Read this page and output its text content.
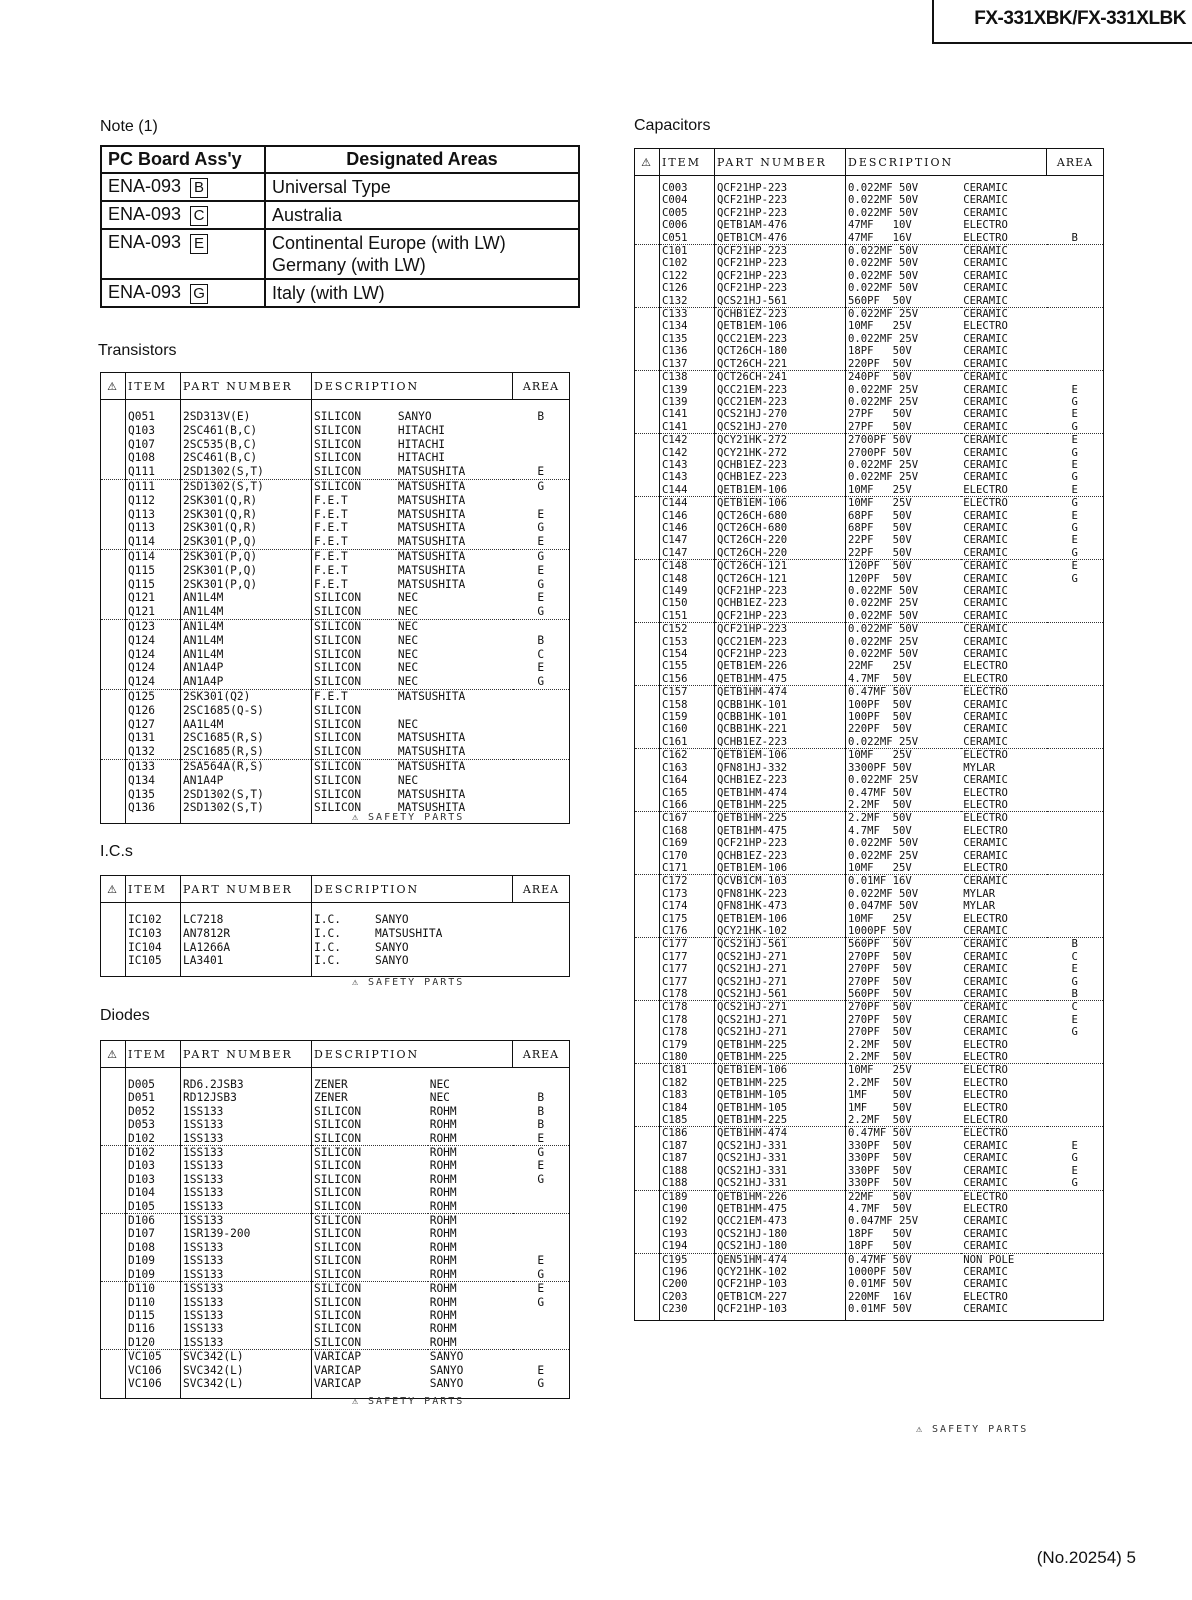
FX-331XBK/FX-331XLBK
Note (1)
PC Board Ass'y	Designated Areas
ENA-093 B	Universal Type

ENA-093 C	Australia

ENA-093 E	Continental Europe (with LW)
Germany (with LW)

ENA-093 G	Italy (with LW)
Transistors
⚠	ITEM	PART NUMBER	DESCRIPTION		AREA
	Q051	2SD313V(E)	SILICON	SANYO	B
	Q103	2SC461(B,C)	SILICON	HITACHI	
	Q107	2SC535(B,C)	SILICON	HITACHI	
	Q108	2SC461(B,C)	SILICON	HITACHI	
	Q111	2SD1302(S,T)	SILICON	MATSUSHITA	E
	Q111	2SD1302(S,T)	SILICON	MATSUSHITA	G
	Q112	2SK301(Q,R)	F.E.T	MATSUSHITA	
	Q113	2SK301(Q,R)	F.E.T	MATSUSHITA	E
	Q113	2SK301(Q,R)	F.E.T	MATSUSHITA	G
	Q114	2SK301(P,Q)	F.E.T	MATSUSHITA	E
	Q114	2SK301(P,Q)	F.E.T	MATSUSHITA	G
	Q115	2SK301(P,Q)	F.E.T	MATSUSHITA	E
	Q115	2SK301(P,Q)	F.E.T	MATSUSHITA	G
	Q121	AN1L4M	SILICON	NEC	E
	Q121	AN1L4M	SILICON	NEC	G
	Q123	AN1L4M	SILICON	NEC	
	Q124	AN1L4M	SILICON	NEC	B
	Q124	AN1L4M	SILICON	NEC	C
	Q124	AN1A4P	SILICON	NEC	E
	Q124	AN1A4P	SILICON	NEC	G
	Q125	2SK301(Q2)	F.E.T	MATSUSHITA	
	Q126	2SC1685(Q-S)	SILICON		
	Q127	AA1L4M	SILICON	NEC	
	Q131	2SC1685(R,S)	SILICON	MATSUSHITA	
	Q132	2SC1685(R,S)	SILICON	MATSUSHITA	
	Q133	2SA564A(R,S)	SILICON	MATSUSHITA	
	Q134	AN1A4P	SILICON	NEC	
	Q135	2SD1302(S,T)	SILICON	MATSUSHITA	
	Q136	2SD1302(S,T)	SILICON	MATSUSHITA	
⚠ SAFETY PARTS
I.C.s
⚠	ITEM	PART NUMBER	DESCRIPTION		AREA
	IC102	LC7218	I.C.	SANYO	
	IC103	AN7812R	I.C.	MATSUSHITA	
	IC104	LA1266A	I.C.	SANYO	
	IC105	LA3401	I.C.	SANYO	
⚠ SAFETY PARTS
Diodes
⚠	ITEM	PART NUMBER	DESCRIPTION		AREA
	D005	RD6.2JSB3	ZENER	NEC	
	D051	RD12JSB3	ZENER	NEC	B
	D052	1SS133	SILICON	ROHM	B
	D053	1SS133	SILICON	ROHM	B
	D102	1SS133	SILICON	ROHM	E
	D102	1SS133	SILICON	ROHM	G
	D103	1SS133	SILICON	ROHM	E
	D103	1SS133	SILICON	ROHM	G
	D104	1SS133	SILICON	ROHM	
	D105	1SS133	SILICON	ROHM	
	D106	1SS133	SILICON	ROHM	
	D107	1SR139-200	SILICON	ROHM	
	D108	1SS133	SILICON	ROHM	
	D109	1SS133	SILICON	ROHM	E
	D109	1SS133	SILICON	ROHM	G
	D110	1SS133	SILICON	ROHM	E
	D110	1SS133	SILICON	ROHM	G
	D115	1SS133	SILICON	ROHM	
	D116	1SS133	SILICON	ROHM	
	D120	1SS133	SILICON	ROHM	
	VC105	SVC342(L)	VARICAP	SANYO	
	VC106	SVC342(L)	VARICAP	SANYO	E
	VC106	SVC342(L)	VARICAP	SANYO	G
⚠ SAFETY PARTS
Capacitors
⚠	ITEM	PART NUMBER	DESCRIPTION		AREA
	C003	QCF21HP-223	0.022MF 50V	CERAMIC	
	C004	QCF21HP-223	0.022MF 50V	CERAMIC	
	C005	QCF21HP-223	0.022MF 50V	CERAMIC	
	C006	QETB1AM-476	47MF   10V	ELECTRO	
	C051	QETB1CM-476	47MF   16V	ELECTRO	B
	C101	QCF21HP-223	0.022MF 50V	CERAMIC	
	C102	QCF21HP-223	0.022MF 50V	CERAMIC	
	C122	QCF21HP-223	0.022MF 50V	CERAMIC	
	C126	QCF21HP-223	0.022MF 50V	CERAMIC	
	C132	QCS21HJ-561	560PF  50V	CERAMIC	
	C133	QCHB1EZ-223	0.022MF 25V	CERAMIC	
	C134	QETB1EM-106	10MF   25V	ELECTRO	
	C135	QCC21EM-223	0.022MF 25V	CERAMIC	
	C136	QCT26CH-180	18PF   50V	CERAMIC	
	C137	QCT26CH-221	220PF  50V	CERAMIC	
	C138	QCT26CH-241	240PF  50V	CERAMIC	
	C139	QCC21EM-223	0.022MF 25V	CERAMIC	E
	C139	QCC21EM-223	0.022MF 25V	CERAMIC	G
	C141	QCS21HJ-270	27PF   50V	CERAMIC	E
	C141	QCS21HJ-270	27PF   50V	CERAMIC	G
	C142	QCY21HK-272	2700PF 50V	CERAMIC	E
	C142	QCY21HK-272	2700PF 50V	CERAMIC	G
	C143	QCHB1EZ-223	0.022MF 25V	CERAMIC	E
	C143	QCHB1EZ-223	0.022MF 25V	CERAMIC	G
	C144	QETB1EM-106	10MF   25V	ELECTRO	E
	C144	QETB1EM-106	10MF   25V	ELECTRO	G
	C146	QCT26CH-680	68PF   50V	CERAMIC	E
	C146	QCT26CH-680	68PF   50V	CERAMIC	G
	C147	QCT26CH-220	22PF   50V	CERAMIC	E
	C147	QCT26CH-220	22PF   50V	CERAMIC	G
	C148	QCT26CH-121	120PF  50V	CERAMIC	E
	C148	QCT26CH-121	120PF  50V	CERAMIC	G
	C149	QCF21HP-223	0.022MF 50V	CERAMIC	
	C150	QCHB1EZ-223	0.022MF 25V	CERAMIC	
	C151	QCF21HP-223	0.022MF 50V	CERAMIC	
	C152	QCF21HP-223	0.022MF 50V	CERAMIC	
	C153	QCC21EM-223	0.022MF 25V	CERAMIC	
	C154	QCF21HP-223	0.022MF 50V	CERAMIC	
	C155	QETB1EM-226	22MF   25V	ELECTRO	
	C156	QETB1HM-475	4.7MF  50V	ELECTRO	
	C157	QETB1HM-474	0.47MF 50V	ELECTRO	
	C158	QCBB1HK-101	100PF  50V	CERAMIC	
	C159	QCBB1HK-101	100PF  50V	CERAMIC	
	C160	QCBB1HK-221	220PF  50V	CERAMIC	
	C161	QCHB1EZ-223	0.022MF 25V	CERAMIC	
	C162	QETB1EM-106	10MF   25V	ELECTRO	
	C163	QFN81HJ-332	3300PF 50V	MYLAR	
	C164	QCHB1EZ-223	0.022MF 25V	CERAMIC	
	C165	QETB1HM-474	0.47MF 50V	ELECTRO	
	C166	QETB1HM-225	2.2MF  50V	ELECTRO	
	C167	QETB1HM-225	2.2MF  50V	ELECTRO	
	C168	QETB1HM-475	4.7MF  50V	ELECTRO	
	C169	QCF21HP-223	0.022MF 50V	CERAMIC	
	C170	QCHB1EZ-223	0.022MF 25V	CERAMIC	
	C171	QETB1EM-106	10MF   25V	ELECTRO	
	C172	QCVB1CM-103	0.01MF 16V	CERAMIC	
	C173	QFN81HK-223	0.022MF 50V	MYLAR	
	C174	QFN81HK-473	0.047MF 50V	MYLAR	
	C175	QETB1EM-106	10MF   25V	ELECTRO	
	C176	QCY21HK-102	1000PF 50V	CERAMIC	
	C177	QCS21HJ-561	560PF  50V	CERAMIC	B
	C177	QCS21HJ-271	270PF  50V	CERAMIC	C
	C177	QCS21HJ-271	270PF  50V	CERAMIC	E
	C177	QCS21HJ-271	270PF  50V	CERAMIC	G
	C178	QCS21HJ-561	560PF  50V	CERAMIC	B
	C178	QCS21HJ-271	270PF  50V	CERAMIC	C
	C178	QCS21HJ-271	270PF  50V	CERAMIC	E
	C178	QCS21HJ-271	270PF  50V	CERAMIC	G
	C179	QETB1HM-225	2.2MF  50V	ELECTRO	
	C180	QETB1HM-225	2.2MF  50V	ELECTRO	
	C181	QETB1EM-106	10MF   25V	ELECTRO	
	C182	QETB1HM-225	2.2MF  50V	ELECTRO	
	C183	QETB1HM-105	1MF    50V	ELECTRO	
	C184	QETB1HM-105	1MF    50V	ELECTRO	
	C185	QETB1HM-225	2.2MF  50V	ELECTRO	
	C186	QETB1HM-474	0.47MF 50V	ELECTRO	
	C187	QCS21HJ-331	330PF  50V	CERAMIC	E
	C187	QCS21HJ-331	330PF  50V	CERAMIC	G
	C188	QCS21HJ-331	330PF  50V	CERAMIC	E
	C188	QCS21HJ-331	330PF  50V	CERAMIC	G
	C189	QETB1HM-226	22MF   50V	ELECTRO	
	C190	QETB1HM-475	4.7MF  50V	ELECTRO	
	C192	QCC21EM-473	0.047MF 25V	CERAMIC	
	C193	QCS21HJ-180	18PF   50V	CERAMIC	
	C194	QCS21HJ-180	18PF   50V	CERAMIC	
	C195	QEN51HM-474	0.47MF 50V	NON POLE	
	C196	QCY21HK-102	1000PF 50V	CERAMIC	
	C200	QCF21HP-103	0.01MF 50V	CERAMIC	
	C203	QETB1CM-227	220MF  16V	ELECTRO	
	C230	QCF21HP-103	0.01MF 50V	CERAMIC	
⚠ SAFETY PARTS
(No.20254) 5
